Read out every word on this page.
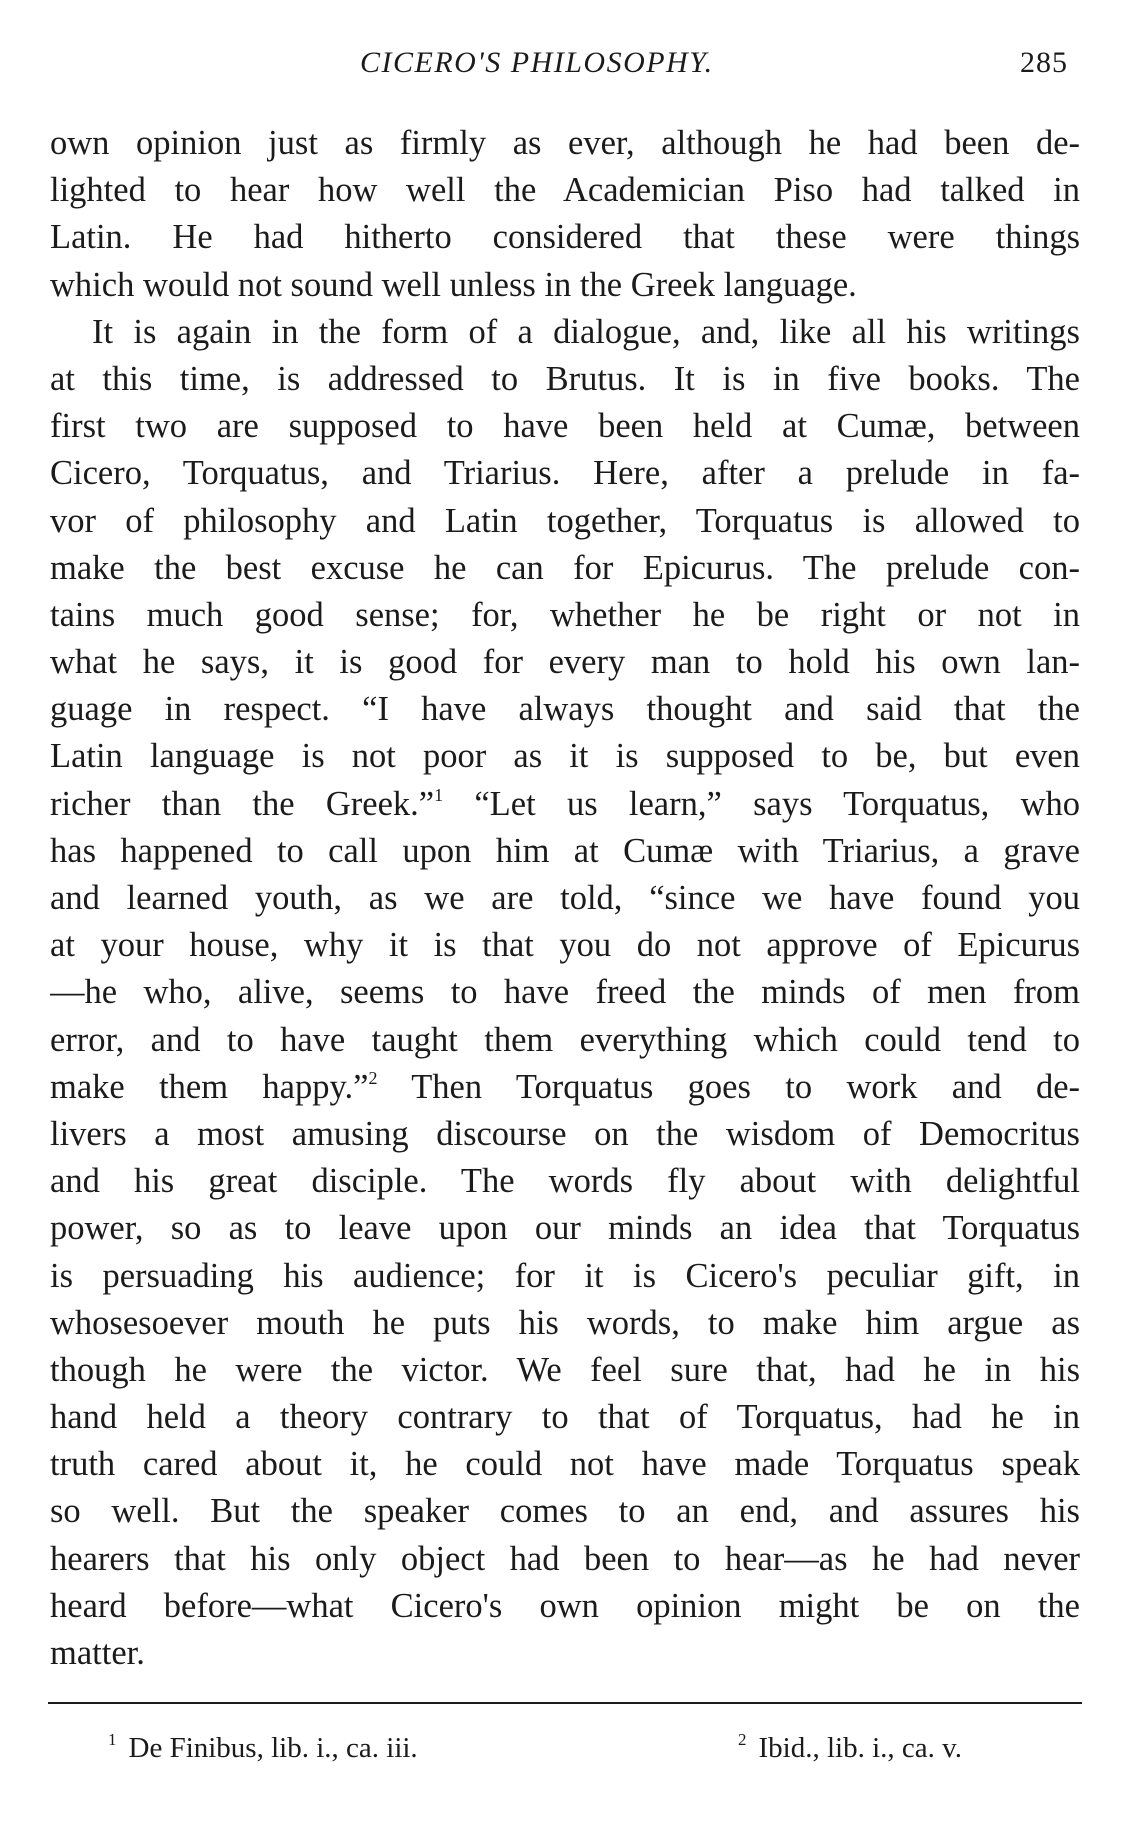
CICERO'S PHILOSOPHY.	285
own opinion just as firmly as ever, although he had been de-
lighted to hear how well the Academician Piso had talked in
Latin. He had hitherto considered that these were things
which would not sound well unless in the Greek language.
It is again in the form of a dialogue, and, like all his writings
at this time, is addressed to Brutus. It is in five books. The
first two are supposed to have been held at Cumæ, between
Cicero, Torquatus, and Triarius. Here, after a prelude in fa-
vor of philosophy and Latin together, Torquatus is allowed to
make the best excuse he can for Epicurus. The prelude con-
tains much good sense; for, whether he be right or not in
what he says, it is good for every man to hold his own lan-
guage in respect. “I have always thought and said that the
Latin language is not poor as it is supposed to be, but even
richer than the Greek.”$^1$ “Let us learn,” says Torquatus, who
has happened to call upon him at Cumæ with Triarius, a grave
and learned youth, as we are told, “since we have found you
at your house, why it is that you do not approve of Epicurus
—he who, alive, seems to have freed the minds of men from
error, and to have taught them everything which could tend to
make them happy.”$^2$ Then Torquatus goes to work and de-
livers a most amusing discourse on the wisdom of Democritus
and his great disciple. The words fly about with delightful
power, so as to leave upon our minds an idea that Torquatus
is persuading his audience; for it is Cicero's peculiar gift, in
whosesoever mouth he puts his words, to make him argue as
though he were the victor. We feel sure that, had he in his
hand held a theory contrary to that of Torquatus, had he in
truth cared about it, he could not have made Torquatus speak
so well. But the speaker comes to an end, and assures his
hearers that his only object had been to hear—as he had never
heard before—what Cicero's own opinion might be on the
matter.
$^1$ De Finibus, lib. i., ca. iii.	$^2$ Ibid., lib. i., ca. v.
